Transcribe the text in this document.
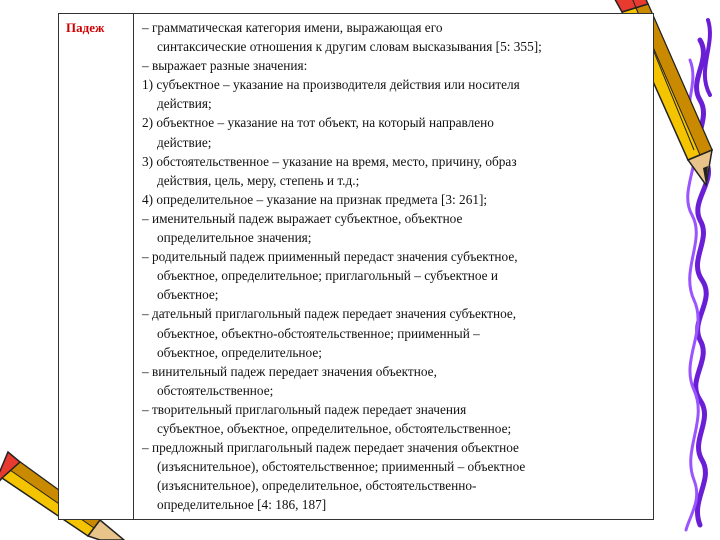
Падеж	– грамматическая категория имени, выражающая его
синтаксические отношения к другим словам высказывания [5: 355];
– выражает разные значения:
1) субъектное – указание на производителя действия или носителя
действия;
2) объектное – указание на тот объект, на который направлено
действие;
3) обстоятельственное – указание на время, место, причину, образ
действия, цель, меру, степень и т.д.;
4) определительное – указание на признак предмета [3: 261];
– именительный падеж выражает субъектное, объектное
определительное значения;
– родительный падеж приименный передаст значения субъектное,
объектное, определительное; приглагольный – субъектное и
объектное;
– дательный приглагольный падеж передает значения субъектное,
объектное, объектно-обстоятельственное; приименный –
объектное, определительное;
– винительный падеж передает значения объектное,
обстоятельственное;
– творительный приглагольный падеж передает значения
субъектное, объектное, определительное, обстоятельственное;
– предложный приглагольный падеж передает значения объектное
(изъяснительное), обстоятельственное; приименный – объектное
(изъяснительное), определительное, обстоятельственно-
определительное [4: 186, 187]
